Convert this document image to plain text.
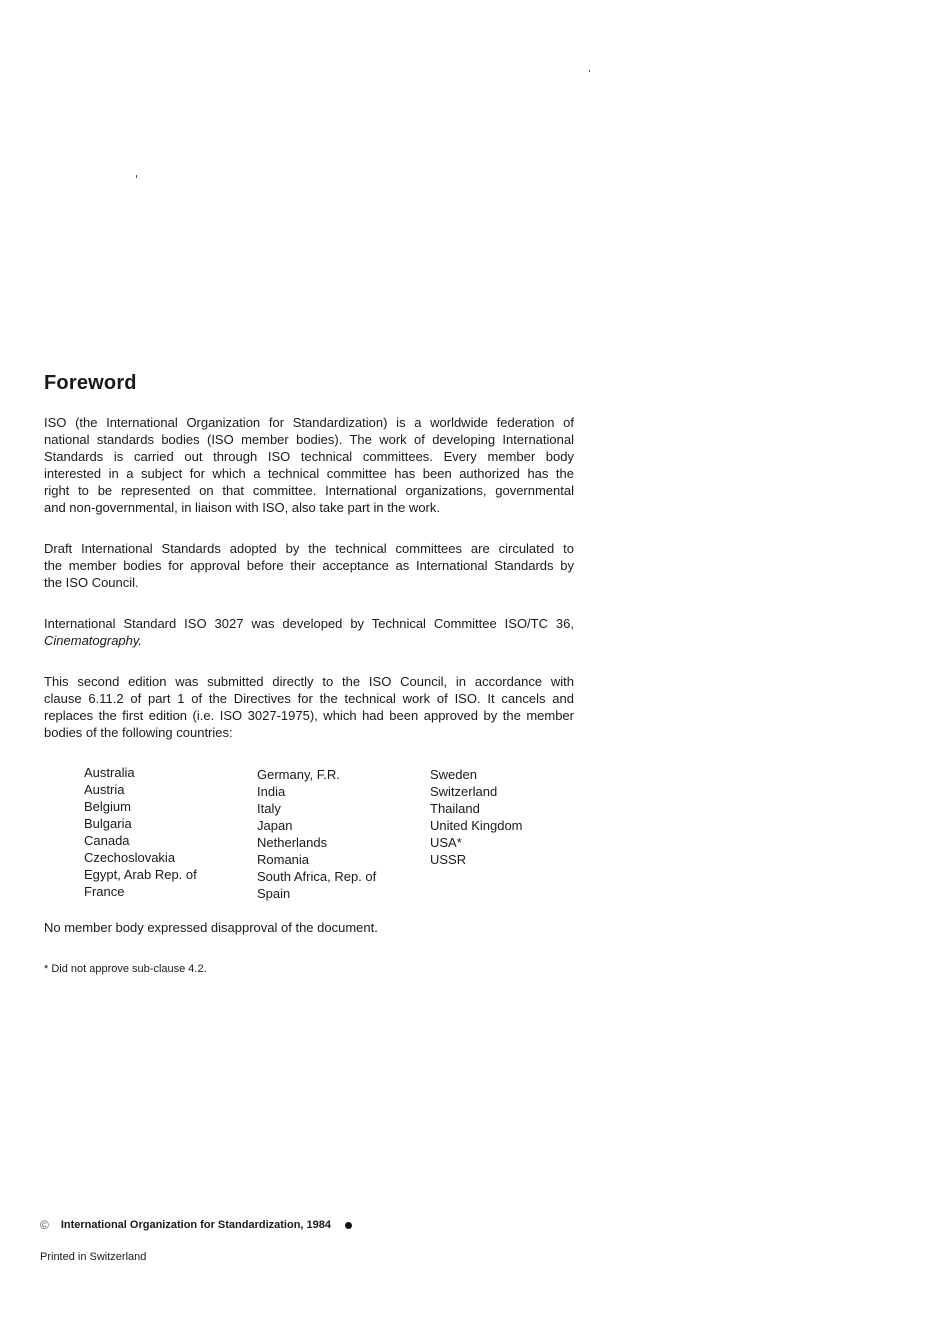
Foreword

ISO (the International Organization for Standardization) is a worldwide federation of
national standards bodies (ISO member bodies). The work of developing International
Standards is carried out through ISO technical committees. Every member body
interested in a subject for which a technical committee has been authorized has the
right to be represented on that committee. International organizations, governmental
and non-governmental, in liaison with ISO, also take part in the work.

Draft International Standards adopted by the technical committees are circulated to
the member bodies for approval before their acceptance as International Standards by
the ISO Council.

International Standard ISO 3027 was developed by Technical Committee ISO/TC 36,
Cinematography.

This second edition was submitted directly to the ISO Council, in accordance with
clause 6.11.2 of part 1 of the Directives for the technical work of ISO. It cancels and
replaces the first edition (i.e. ISO 3027-1975), which had been approved by the member
bodies of the following countries:

Australia
Austria
Belgium
Bulgaria
Canada
Czechoslovakia
Egypt, Arab Rep. of
France
Germany, F.R.
India
Italy
Japan
Netherlands
Romania
South Africa, Rep. of
Spain
Sweden
Switzerland
Thailand
United Kingdom
USA*
USSR
No member body expressed disapproval of the document.
* Did not approve sub-clause 4.2.
© International Organization for Standardization, 1984
Printed in Switzerland
